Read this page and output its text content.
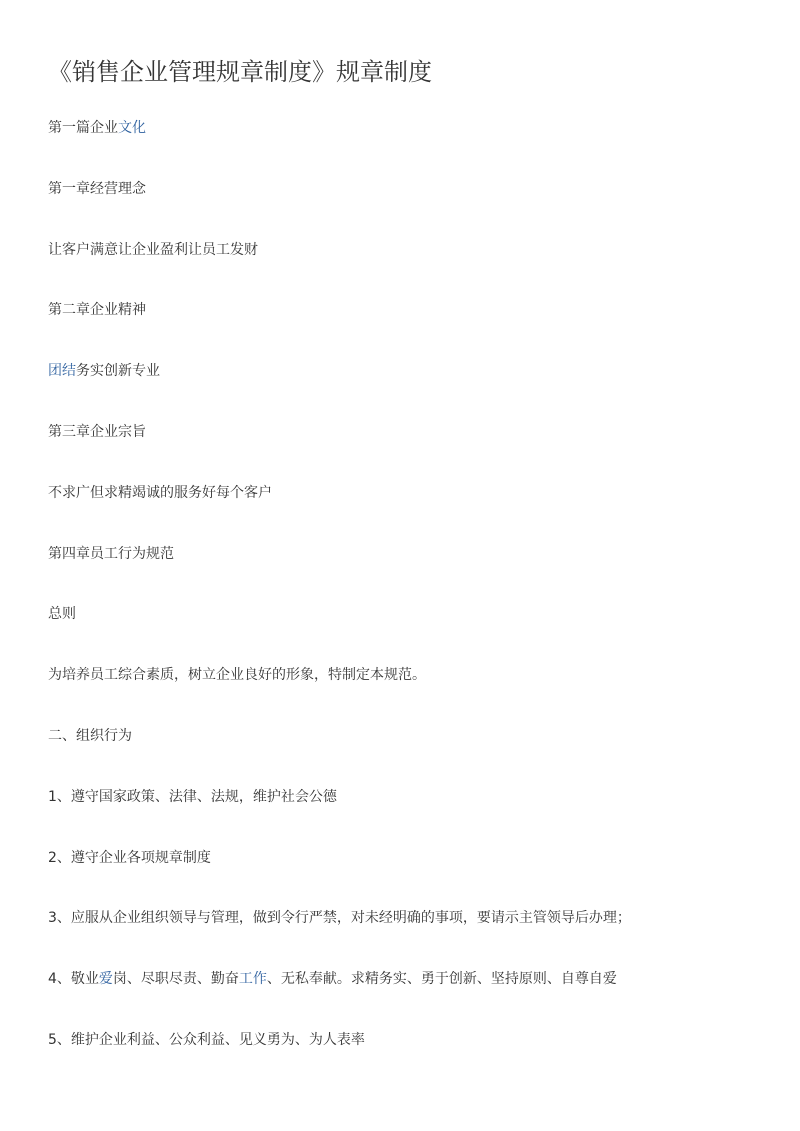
《销售企业管理规章制度》规章制度
第一篇企业文化
第一章经营理念
让客户满意让企业盈利让员工发财
第二章企业精神
团结务实创新专业
第三章企业宗旨
不求广但求精竭诚的服务好每个客户
第四章员工行为规范
总则
为培养员工综合素质，树立企业良好的形象，特制定本规范。
二、组织行为
1、遵守国家政策、法律、法规，维护社会公德
2、遵守企业各项规章制度
3、应服从企业组织领导与管理，做到令行严禁，对未经明确的事项，要请示主管领导后办理；
4、敬业爱岗、尽职尽责、勤奋工作、无私奉献。求精务实、勇于创新、坚持原则、自尊自爱
5、维护企业利益、公众利益、见义勇为、为人表率
